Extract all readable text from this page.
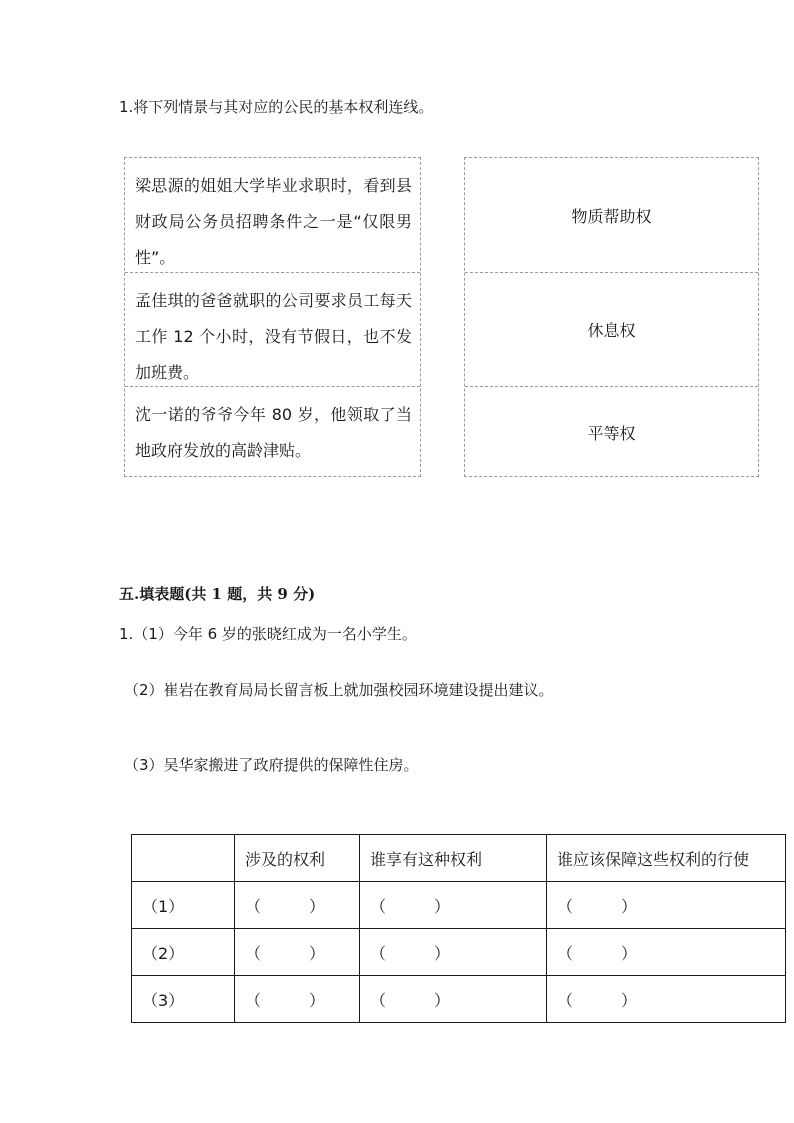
1.将下列情景与其对应的公民的基本权利连线。
梁思源的姐姐大学毕业求职时，看到县财政局公务员招聘条件之一是“仅限男性”。
孟佳琪的爸爸就职的公司要求员工每天工作 12 个小时，没有节假日，也不发加班费。
沈一诺的爷爷今年 80 岁，他领取了当地政府发放的高龄津贴。
物质帮助权
休息权
平等权
五.填表题(共 1 题，共 9 分)
1.（1）今年 6 岁的张晓红成为一名小学生。
（2）崔岩在教育局局长留言板上就加强校园环境建设提出建议。
（3）吴华家搬进了政府提供的保障性住房。
	涉及的权利	谁享有这种权利	谁应该保障这些权利的行使
（1）	（　　　）	（　　　）	（　　　）
（2）	（　　　）	（　　　）	（　　　）
（3）	（　　　）	（　　　）	（　　　）
